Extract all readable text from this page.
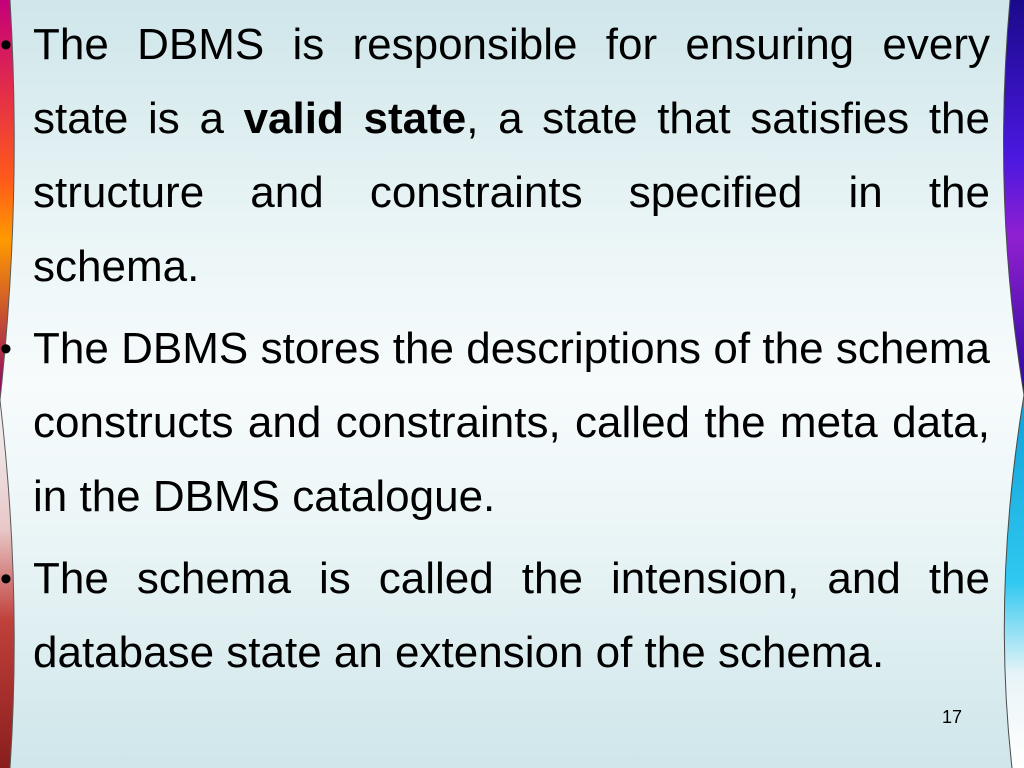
• The DBMS is responsible for ensuring every state is a valid state, a state that satisfies the structure and constraints specified in the schema.
• The DBMS stores the descriptions of the schema constructs and constraints, called the meta data, in the DBMS catalogue.
• The schema is called the intension, and the database state an extension of the schema.
17
